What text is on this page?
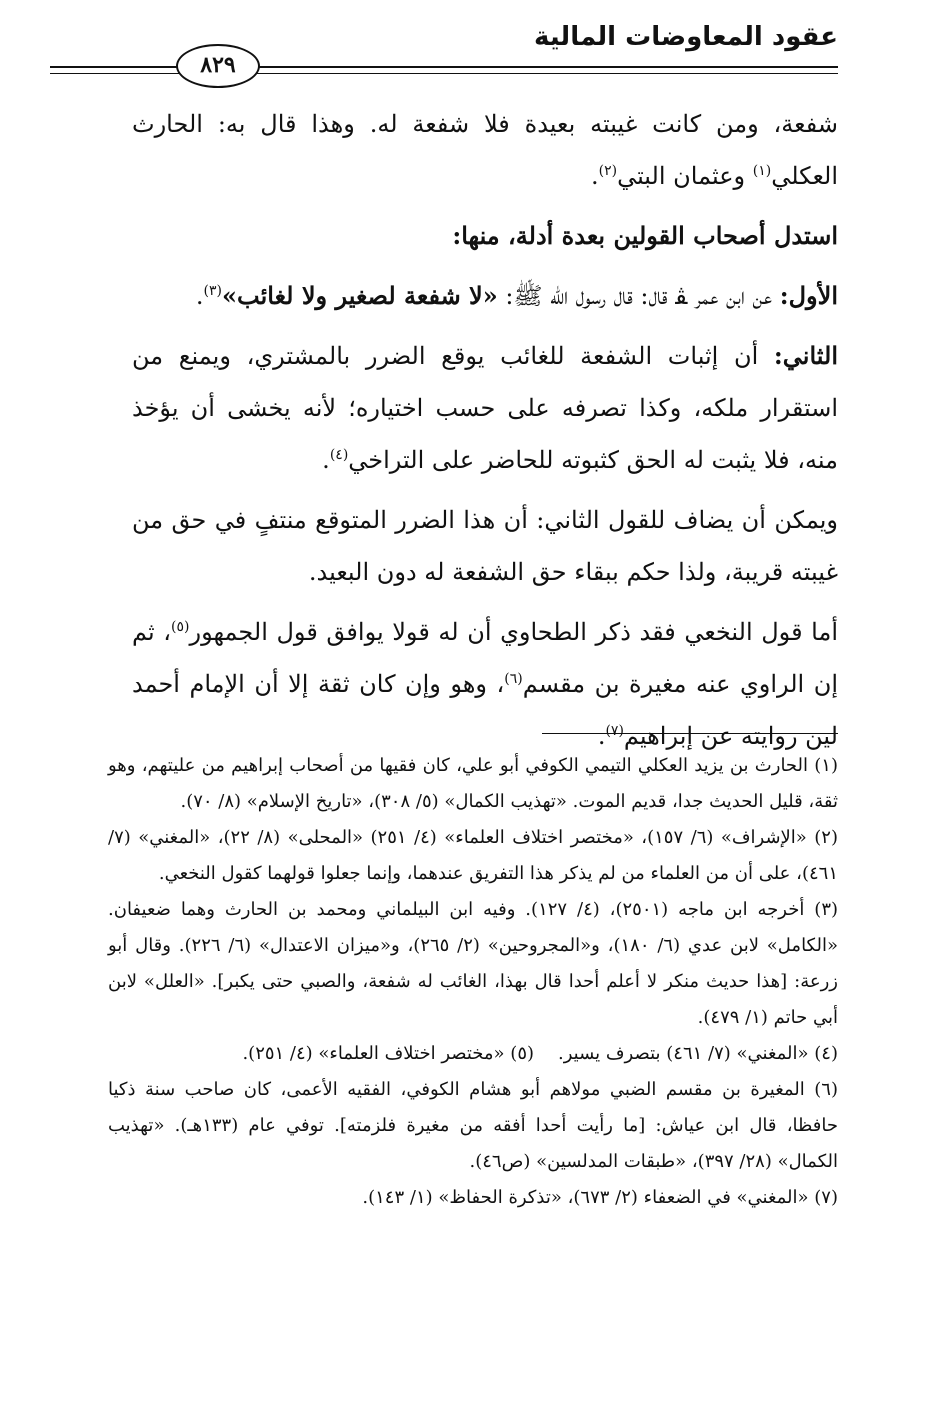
عقود المعاوضات المالية
٨٢٩

شفعة، ومن كانت غيبته بعيدة فلا شفعة له. وهذا قال به: الحارث العكلي$^{(١)}$ وعثمان البتي$^{(٢)}$.

استدل أصحاب القولين بعدة أدلة، منها:

الأول: عن ابن عمر ﭭ قال: قال رسول الله ﷺ: «لا شفعة لصغير ولا لغائب»$^{(٣)}$.

الثاني: أن إثبات الشفعة للغائب يوقع الضرر بالمشتري، ويمنع من استقرار ملكه، وكذا تصرفه على حسب اختياره؛ لأنه يخشى أن يؤخذ منه، فلا يثبت له الحق كثبوته للحاضر على التراخي$^{(٤)}$.

ويمكن أن يضاف للقول الثاني: أن هذا الضرر المتوقع منتفٍ في حق من غيبته قريبة، ولذا حكم ببقاء حق الشفعة له دون البعيد.

أما قول النخعي فقد ذكر الطحاوي أن له قولا يوافق قول الجمهور$^{(٥)}$، ثم إن الراوي عنه مغيرة بن مقسم$^{(٦)}$، وهو وإن كان ثقة إلا أن الإمام أحمد لين روايته عن إبراهيم$^{(٧)}$.

(١) الحارث بن يزيد العكلي التيمي الكوفي أبو علي، كان فقيها من أصحاب إبراهيم من عليتهم، وهو ثقة، قليل الحديث جدا، قديم الموت. «تهذيب الكمال» (٥/ ٣٠٨)، «تاريخ الإسلام» (٨/ ٧٠).

(٢) «الإشراف» (٦/ ١٥٧)، «مختصر اختلاف العلماء» (٤/ ٢٥١) «المحلى» (٨/ ٢٢)، «المغني» (٧/ ٤٦١)، على أن من العلماء من لم يذكر هذا التفريق عندهما، وإنما جعلوا قولهما كقول النخعي.

(٣) أخرجه ابن ماجه (٢٥٠١)، (٤/ ١٢٧). وفيه ابن البيلماني ومحمد بن الحارث وهما ضعيفان. «الكامل» لابن عدي (٦/ ١٨٠)، و«المجروحين» (٢/ ٢٦٥)، و«ميزان الاعتدال» (٦/ ٢٢٦). وقال أبو زرعة: [هذا حديث منكر لا أعلم أحدا قال بهذا، الغائب له شفعة، والصبي حتى يكبر]. «العلل» لابن أبي حاتم (١/ ٤٧٩).

(٤) «المغني» (٧/ ٤٦١) بتصرف يسير.(٥) «مختصر اختلاف العلماء» (٤/ ٢٥١).

(٦) المغيرة بن مقسم الضبي مولاهم أبو هشام الكوفي، الفقيه الأعمى، كان صاحب سنة ذكيا حافظا، قال ابن عياش: [ما رأيت أحدا أفقه من مغيرة فلزمته]. توفي عام (١٣٣هـ). «تهذيب الكمال» (٢٨/ ٣٩٧)، «طبقات المدلسين» (ص٤٦).

(٧) «المغني» في الضعفاء (٢/ ٦٧٣)، «تذكرة الحفاظ» (١/ ١٤٣).
